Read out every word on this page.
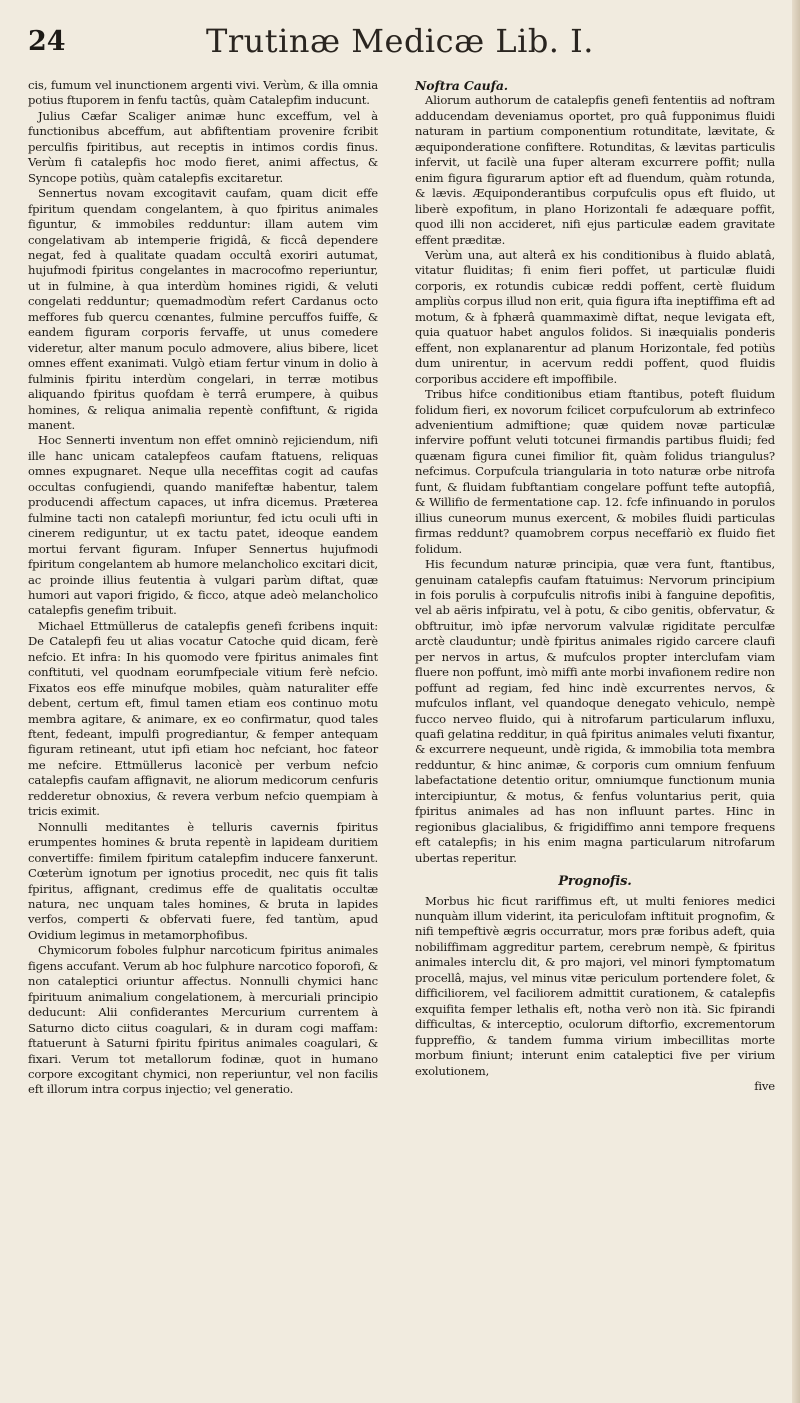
24	Trutinæ Medicæ Lib. I.

cis, fumum vel inunctionem argenti vivi. Verùm, & illa omnia potius ftuporem in fenfu tactûs, quàm Catalepfim inducunt.

Julius Cæfar Scaliger animæ hunc exceffum, vel à functionibus abceffum, aut abfiftentiam provenire fcribit perculfis fpiritibus, aut receptis in intimos cordis finus. Verùm fi catalepfis hoc modo fieret, animi affectus, & Syncope potiùs, quàm catalepfis excitaretur.

Sennertus novam excogitavit caufam, quam dicit effe fpiritum quendam congelantem, à quo fpiritus animales figuntur, & immobiles redduntur: illam autem vim congelativam ab intemperie frigidâ, & ficcâ dependere negat, fed à qualitate quadam occultâ exoriri autumat, hujufmodi fpiritus congelantes in macrocofmo reperiuntur, ut in fulmine, à qua interdùm homines rigidi, & veluti congelati redduntur; quemadmodùm refert Cardanus octo meffores fub quercu cœnantes, fulmine percuffos fuiffe, & eandem figuram corporis fervaffe, ut unus comedere videretur, alter manum poculo admovere, alius bibere, licet omnes effent exanimati. Vulgò etiam fertur vinum in dolio à fulminis fpiritu interdùm congelari, in terræ motibus aliquando fpiritus quofdam è terrâ erumpere, à quibus homines, & reliqua animalia repentè confiftunt, & rigida manent.

Hoc Sennerti inventum non effet omninò rejiciendum, nifi ille hanc unicam catalepfeos caufam ftatuens, reliquas omnes expugnaret. Neque ulla neceffitas cogit ad caufas occultas confugiendi, quando manifeftæ habentur, talem producendi affectum capaces, ut infra dicemus. Præterea fulmine tacti non catalepfi moriuntur, fed ictu oculi ufti in cinerem rediguntur, ut ex tactu patet, ideoque eandem mortui fervant figuram. Infuper Sennertus hujufmodi fpiritum congelantem ab humore melancholico excitari dicit, ac proinde illius feutentia à vulgari parùm diftat, quæ humori aut vapori frigido, & ficco, atque adeò melancholico catalepfis genefim tribuit.

Michael Ettmüllerus de catalepfis genefi fcribens inquit: De Catalepfi feu ut alias vocatur Catoche quid dicam, ferè nefcio. Et infra: In his quomodo vere fpiritus animales fint conftituti, vel quodnam eorumfpeciale vitium ferè nefcio. Fixatos eos effe minufque mobiles, quàm naturaliter effe debent, certum eft, fimul tamen etiam eos continuo motu membra agitare, & animare, ex eo confirmatur, quod tales ftent, fedeant, impulfi progrediantur, & femper antequam figuram retineant, utut ipfi etiam hoc nefciant, hoc fateor me nefcire. Ettmüllerus laconicè per verbum nefcio catalepfis caufam affignavit, ne aliorum medicorum cenfuris redderetur obnoxius, & revera verbum nefcio quempiam à tricis eximit.

Nonnulli meditantes è telluris cavernis fpiritus erumpentes homines & bruta repentè in lapideam duritiem convertiffe: fimilem fpiritum catalepfim inducere fanxerunt. Cœterùm ignotum per ignotius procedit, nec quis fit talis fpiritus, affignant, credimus effe de qualitatis occultæ natura, nec unquam tales homines, & bruta in lapides verfos, comperti & obfervati fuere, fed tantùm, apud Ovidium legimus in metamorphofibus.

Chymicorum foboles fulphur narcoticum fpiritus animales figens accufant. Verum ab hoc fulphure narcotico foporofi, & non cataleptici oriuntur affectus. Nonnulli chymici hanc fpirituum animalium congelationem, à mercuriali principio deducunt: Alii confiderantes Mercurium currentem à Saturno dicto ciitus coagulari, & in duram cogi maffam: ftatuerunt à Saturni fpiritu fpiritus animales coagulari, & fixari. Verum tot metallorum fodinæ, quot in humano corpore excogitant chymici, non reperiuntur, vel non facilis eft illorum intra corpus injectio; vel generatio.

Noftra Caufa.

Aliorum authorum de catalepfis genefi fententiis ad noftram adducendam deveniamus oportet, pro quâ fupponimus fluidi naturam in partium componentium rotunditate, lævitate, & æquiponderatione confiftere. Rotunditas, & lævitas particulis infervit, ut facilè una fuper alteram excurrere poffit; nulla enim figura figurarum aptior eft ad fluendum, quàm rotunda, & lævis. Æquiponderantibus corpufculis opus eft fluido, ut liberè expofitum, in plano Horizontali fe adæquare poffit, quod illi non accideret, nifi ejus particulæ eadem gravitate effent præditæ.

Verùm una, aut alterâ ex his conditionibus à fluido ablatâ, vitatur fluiditas; fi enim fieri poffet, ut particulæ fluidi corporis, ex rotundis cubicæ reddi poffent, certè fluidum ampliùs corpus illud non erit, quia figura ifta ineptiffima eft ad motum, & à fphærâ quammaximè diftat, neque levigata eft, quia quatuor habet angulos folidos. Si inæquialis ponderis effent, non explanarentur ad planum Horizontale, fed potiùs dum unirentur, in acervum reddi poffent, quod fluidis corporibus accidere eft impoffibile.

Tribus hifce conditionibus etiam ftantibus, poteft fluidum folidum fieri, ex novorum fcilicet corpufculorum ab extrinfeco advenientium admiftione; quæ quidem novæ particulæ infervire poffunt veluti totcunei firmandis partibus fluidi; fed quænam figura cunei fimilior fit, quàm folidus triangulus? nefcimus. Corpufcula triangularia in toto naturæ orbe nitrofa funt, & fluidam fubftantiam congelare poffunt tefte autopfiâ, & Willifio de fermentatione cap. 12. fcfe infinuando in porulos illius cuneorum munus exercent, & mobiles fluidi particulas firmas reddunt? quamobrem corpus neceffariò ex fluido fiet folidum.

His fecundum naturæ principia, quæ vera funt, ftantibus, genuinam catalepfis caufam ftatuimus: Nervorum principium in fois porulis à corpufculis nitrofis inibi à fanguine depofitis, vel ab aëris infpiratu, vel à potu, & cibo genitis, obfervatur, & obftruitur, imò ipfæ nervorum valvulæ rigiditate perculfæ arctè clauduntur; undè fpiritus animales rigido carcere claufi per nervos in artus, & mufculos propter interclufam viam fluere non poffunt, imò miffi ante morbi invafionem redire non poffunt ad regiam, fed hinc indè excurrentes nervos, & mufculos inflant, vel quandoque denegato vehiculo, nempè fucco nerveo fluido, qui à nitrofarum particularum influxu, quafi gelatina redditur, in quâ fpiritus animales veluti fixantur, & excurrere nequeunt, undè rigida, & immobilia tota membra redduntur, & hinc animæ, & corporis cum omnium fenfuum labefactatione detentio oritur, omniumque functionum munia intercipiuntur, & motus, & fenfus voluntarius perit, quia fpiritus animales ad has non influunt partes. Hinc in regionibus glacialibus, & frigidiffimo anni tempore frequens eft catalepfis; in his enim magna particularum nitrofarum ubertas reperitur.

Prognofis.

Morbus hic ficut rariffimus eft, ut multi feniores medici nunquàm illum viderint, ita periculofam inftituit prognofim, & nifi tempeftivè ægris occurratur, mors præ foribus adeft, quia nobiliffimam aggreditur partem, cerebrum nempè, & fpiritus animales interclu dit, & pro majori, vel minori fymptomatum procellâ, majus, vel minus vitæ periculum portendere folet, & difficiliorem, vel faciliorem admittit curationem, & catalepfis exquifita femper lethalis eft, notha verò non ità. Sic fpirandi difficultas, & interceptio, oculorum diftorfio, excrementorum fuppreffio, & tandem fumma virium imbecillitas morte morbum finiunt; interunt enim cataleptici five per virium exolutionem,

five
